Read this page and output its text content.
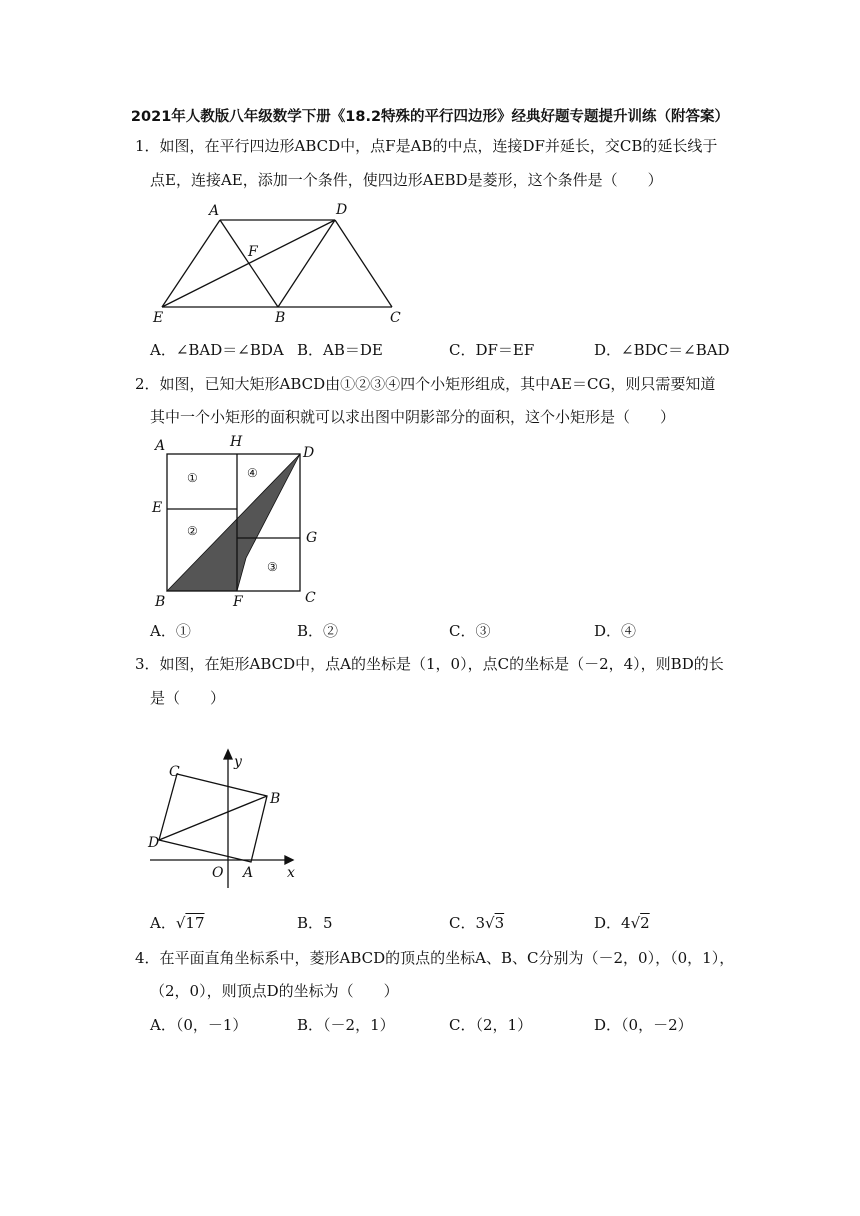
2021年人教版八年级数学下册《18.2特殊的平行四边形》经典好题专题提升训练（附答案）
1．如图，在平行四边形ABCD中，点F是AB的中点，连接DF并延长，交CB的延长线于
点E，连接AE，添加一个条件，使四边形AEBD是菱形，这个条件是（　　）
A	D
F
E	B	C
A．∠BAD＝∠BDA B．AB＝DE	C．DF＝EF	D．∠BDC＝∠BAD
2．如图，已知大矩形ABCD由①②③④四个小矩形组成，其中AE＝CG，则只需要知道
其中一个小矩形的面积就可以求出图中阴影部分的面积，这个小矩形是（　　）
A	H
D
E
G
B	F	C
①
②
③
④
A．①	B．②	C．③	D．④
3．如图，在矩形ABCD中，点A的坐标是（1，0），点C的坐标是（－2，4），则BD的长
是（　　）
y
C
B
D
O A x
A．√17	B．5	C．3√3	D．4√2
4．在平面直角坐标系中，菱形ABCD的顶点的坐标A、B、C分别为（－2，0），（0，1），
（2，0），则顶点D的坐标为（　　）
A．（0，－1）	B．（－2，1）	C．（2，1）	D．（0，－2）
